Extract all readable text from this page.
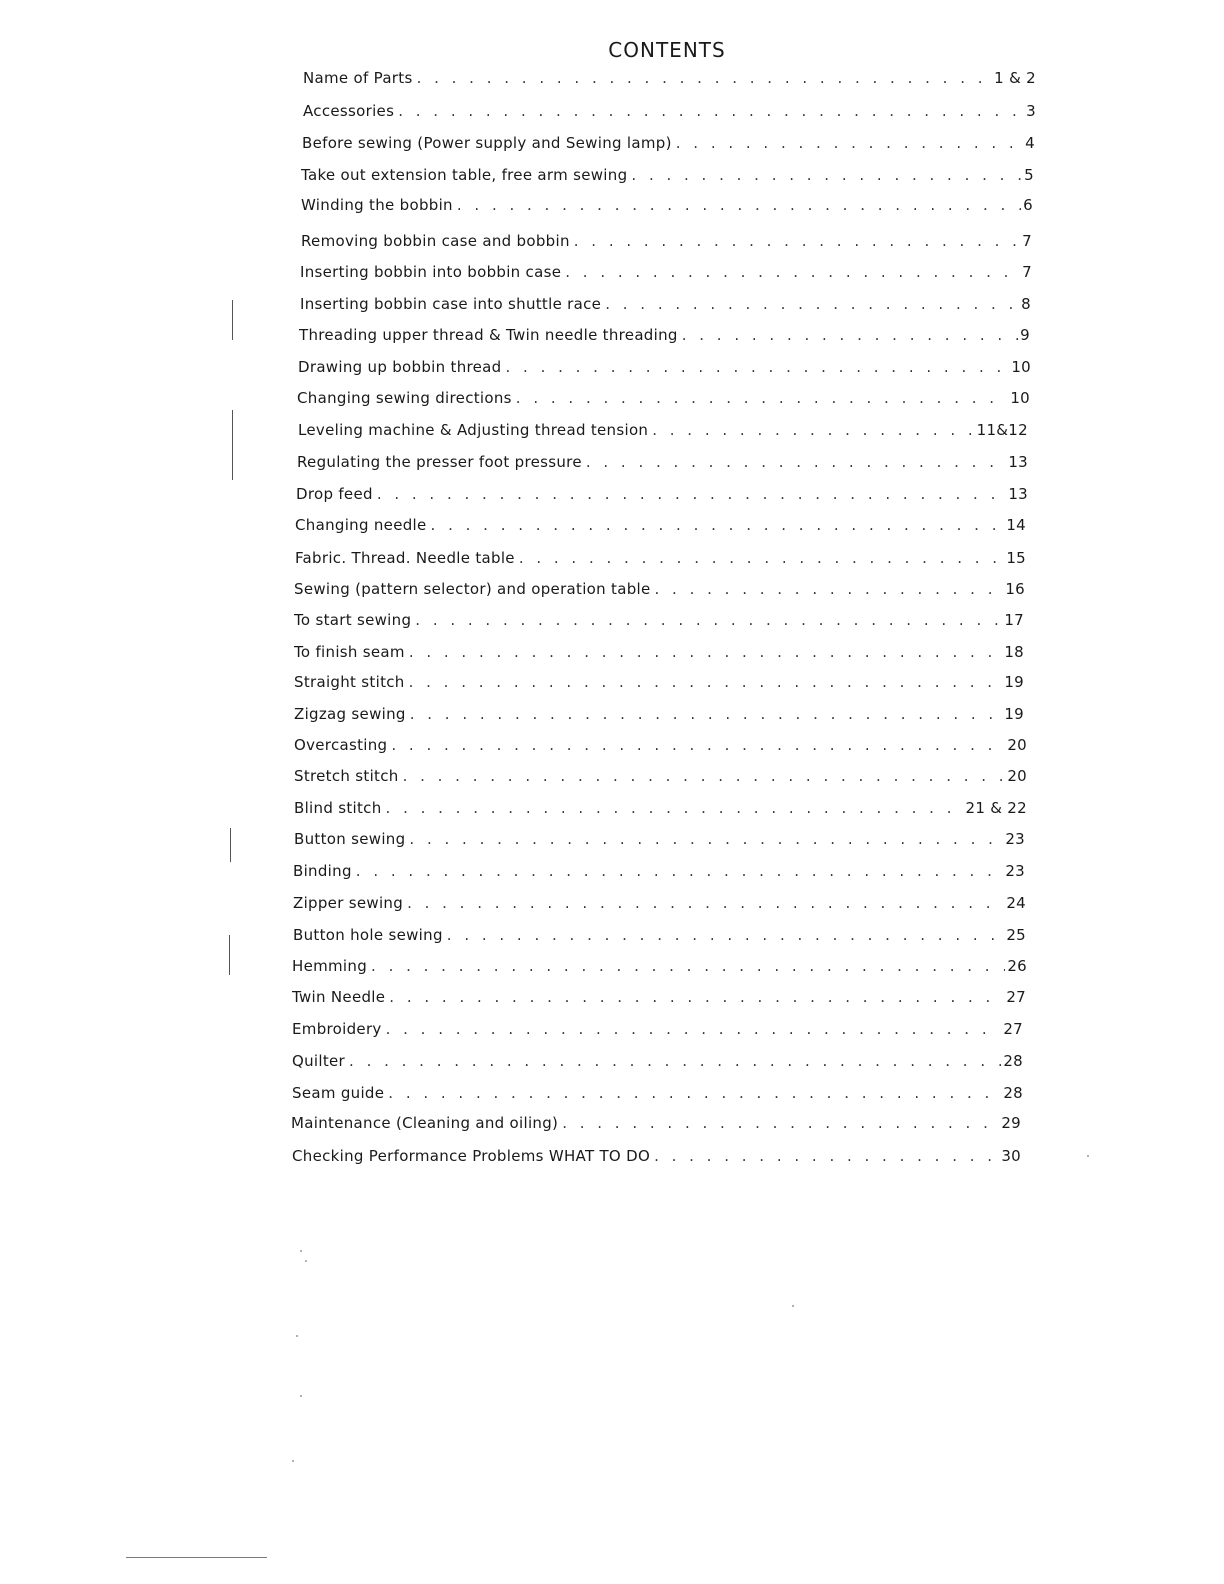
CONTENTS
Name of Parts . . .	1 & 2
Accessories . . .	3
Before sewing (Power supply and Sewing lamp) . . .	4
Take out extension table, free arm sewing . . .	5
Winding the bobbin . . .	6
Removing bobbin case and bobbin . . .	7
Inserting bobbin into bobbin case . . .	7
Inserting bobbin case into shuttle race . . .	8
Threading upper thread & Twin needle threading . . .	9
Drawing up bobbin thread . . .	10
Changing sewing directions . . .	10
Leveling machine & Adjusting thread tension . . .	11&12
Regulating the presser foot pressure . . .	13
Drop feed . . .	13
Changing needle . . .	14
Fabric. Thread. Needle table . . .	15
Sewing (pattern selector) and operation table . . .	16
To start sewing . . .	17
To finish seam . . .	18
Straight stitch . . .	19
Zigzag sewing . . .	19
Overcasting . . .	20
Stretch stitch . . .	20
Blind stitch . . .	21 & 22
Button sewing . . .	23
Binding . . .	23
Zipper sewing . . .	24
Button hole sewing . . .	25
Hemming . . .	26
Twin Needle . . .	27
Embroidery . . .	27
Quilter . . .	28
Seam guide . . .	28
Maintenance (Cleaning and oiling) . . .	29
Checking Performance Problems WHAT TO DO . . .	30
